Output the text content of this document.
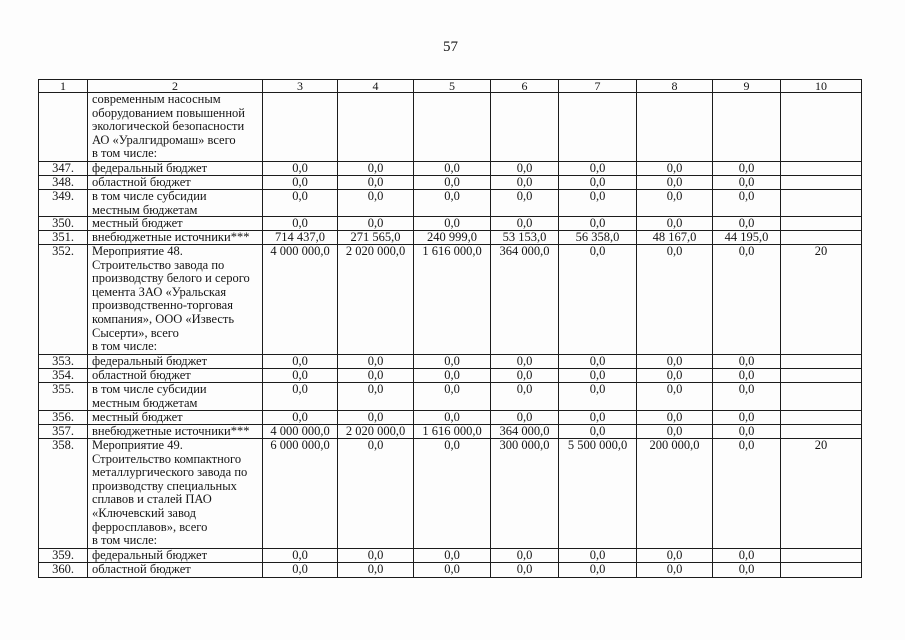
57
1	2	3	4	5	6	7	8	9	10
современным насосным
оборудованием повышенной
экологической безопасности
АО «Уралгидромаш» всего
в том числе:
347.	федеральный бюджет	0,0	0,0	0,0	0,0	0,0	0,0	0,0
348.	областной бюджет	0,0	0,0	0,0	0,0	0,0	0,0	0,0
349.	в том числе субсидии
местным бюджетам
0,0	0,0	0,0	0,0	0,0	0,0	0,0
350.	местный бюджет	0,0	0,0	0,0	0,0	0,0	0,0	0,0
351.	внебюджетные источники***	714 437,0	271 565,0	240 999,0	53 153,0	56 358,0	48 167,0	44 195,0
352.	Мероприятие 48.
Строительство завода по
производству белого и серого
цемента ЗАО «Уральская
производственно-торговая
компания», ООО «Известь
Сысерти», всего
в том числе:
4 000 000,0	2 020 000,0	1 616 000,0	364 000,0	0,0	0,0	0,0	20
353.	федеральный бюджет	0,0	0,0	0,0	0,0	0,0	0,0	0,0
354.	областной бюджет	0,0	0,0	0,0	0,0	0,0	0,0	0,0
355.	в том числе субсидии
местным бюджетам
0,0	0,0	0,0	0,0	0,0	0,0	0,0
356.	местный бюджет	0,0	0,0	0,0	0,0	0,0	0,0	0,0
357.	внебюджетные источники***	4 000 000,0	2 020 000,0	1 616 000,0	364 000,0	0,0	0,0	0,0
358.	Мероприятие 49.
Строительство компактного
металлургического завода по
производству специальных
сплавов и сталей ПАО
«Ключевский завод
ферросплавов», всего
в том числе:
6 000 000,0	0,0	0,0	300 000,0	5 500 000,0	200 000,0	0,0	20
359.	федеральный бюджет	0,0	0,0	0,0	0,0	0,0	0,0	0,0
360.	областной бюджет	0,0	0,0	0,0	0,0	0,0	0,0	0,0
